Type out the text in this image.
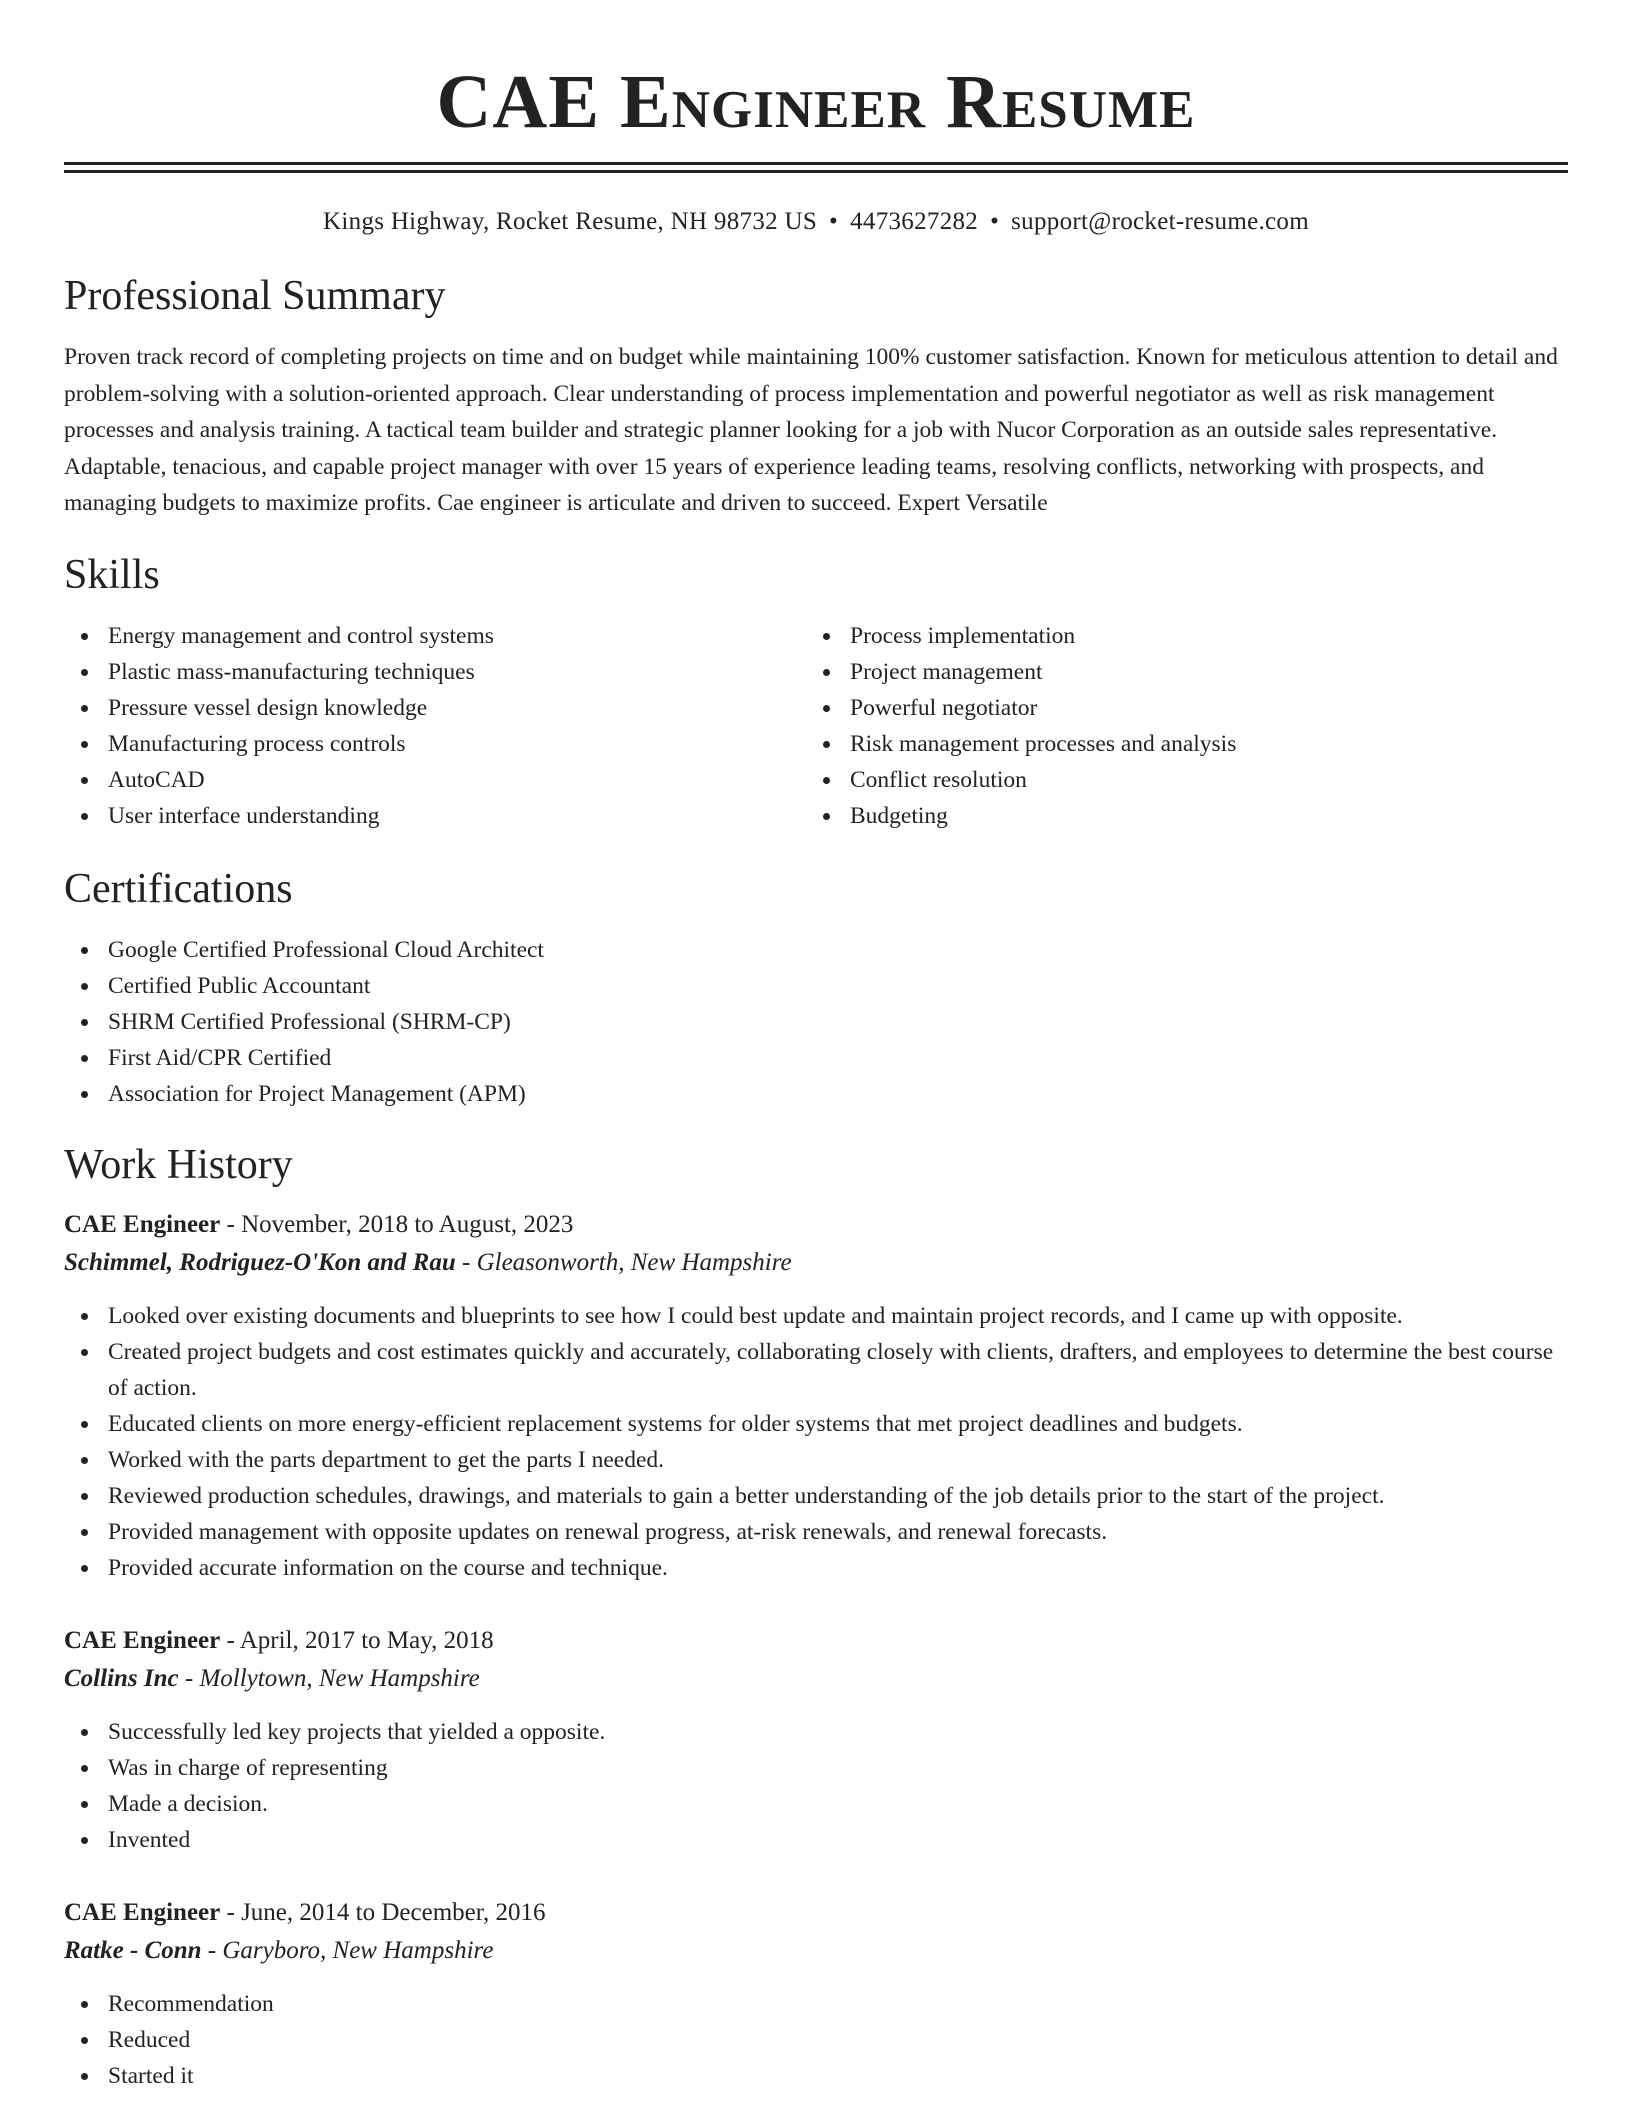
CAE Engineer Resume
Kings Highway, Rocket Resume, NH 98732 US • 4473627282 • support@rocket-resume.com
Professional Summary
Proven track record of completing projects on time and on budget while maintaining 100% customer satisfaction. Known for meticulous attention to detail and problem-solving with a solution-oriented approach. Clear understanding of process implementation and powerful negotiator as well as risk management processes and analysis training. A tactical team builder and strategic planner looking for a job with Nucor Corporation as an outside sales representative. Adaptable, tenacious, and capable project manager with over 15 years of experience leading teams, resolving conflicts, networking with prospects, and managing budgets to maximize profits. Cae engineer is articulate and driven to succeed. Expert Versatile
Skills
Energy management and control systems
Plastic mass-manufacturing techniques
Pressure vessel design knowledge
Manufacturing process controls
AutoCAD
User interface understanding
Process implementation
Project management
Powerful negotiator
Risk management processes and analysis
Conflict resolution
Budgeting
Certifications
Google Certified Professional Cloud Architect
Certified Public Accountant
SHRM Certified Professional (SHRM-CP)
First Aid/CPR Certified
Association for Project Management (APM)
Work History
CAE Engineer - November, 2018 to August, 2023
Schimmel, Rodriguez-O'Kon and Rau - Gleasonworth, New Hampshire
Looked over existing documents and blueprints to see how I could best update and maintain project records, and I came up with opposite.
Created project budgets and cost estimates quickly and accurately, collaborating closely with clients, drafters, and employees to determine the best course of action.
Educated clients on more energy-efficient replacement systems for older systems that met project deadlines and budgets.
Worked with the parts department to get the parts I needed.
Reviewed production schedules, drawings, and materials to gain a better understanding of the job details prior to the start of the project.
Provided management with opposite updates on renewal progress, at-risk renewals, and renewal forecasts.
Provided accurate information on the course and technique.
CAE Engineer - April, 2017 to May, 2018
Collins Inc - Mollytown, New Hampshire
Successfully led key projects that yielded a opposite.
Was in charge of representing
Made a decision.
Invented
CAE Engineer - June, 2014 to December, 2016
Ratke - Conn - Garyboro, New Hampshire
Recommendation
Reduced
Started it
